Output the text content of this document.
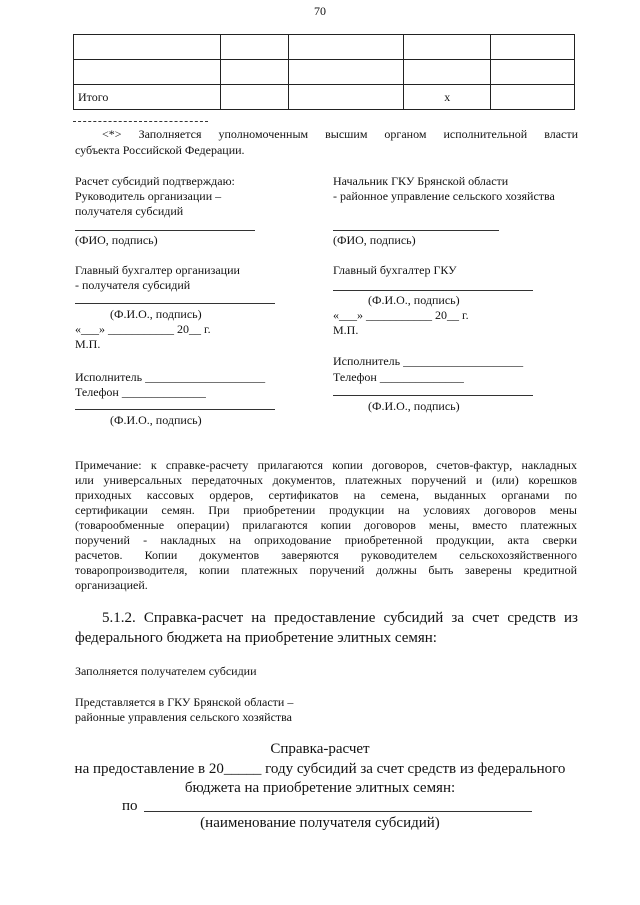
70

Итого			x	
<*> Заполняется уполномоченным высшим органом исполнительной власти
субъекта Российской Федерации.
Расчет субсидий подтверждаю:
Руководитель организации –
получателя субсидий
(ФИО, подпись)
Главный бухгалтер организации
- получателя субсидий
(Ф.И.О., подпись)
«___» ___________ 20__ г.
М.П.
Исполнитель ____________________
Телефон ______________
(Ф.И.О., подпись)
Начальник ГКУ Брянской области
- районное управление сельского хозяйства
(ФИО, подпись)
Главный бухгалтер ГКУ
(Ф.И.О., подпись)
«___» ___________ 20__ г.
М.П.
Исполнитель ____________________
Телефон ______________
(Ф.И.О., подпись)
Примечание: к справке-расчету прилагаются копии договоров, счетов-фактур, накладных
или универсальных передаточных документов, платежных поручений и (или) корешков
приходных кассовых ордеров, сертификатов на семена, выданных органами по
сертификации семян. При приобретении продукции на условиях договоров мены
(товарообменные операции) прилагаются копии договоров мены, вместо платежных
поручений - накладных на оприходование приобретенной продукции, акта сверки
расчетов. Копии документов заверяются руководителем сельскохозяйственного
товаропроизводителя, копии платежных поручений должны быть заверены кредитной
организацией.
5.1.2. Справка-расчет на предоставление субсидий за счет средств из
федерального бюджета на приобретение элитных семян:
Заполняется получателем субсидии
Представляется в ГКУ Брянской области –
районные управления сельского хозяйства
Справка-расчет
на предоставление в 20_____ году субсидий за счет средств из федерального
бюджета на приобретение элитных семян:
по
(наименование получателя субсидий)
